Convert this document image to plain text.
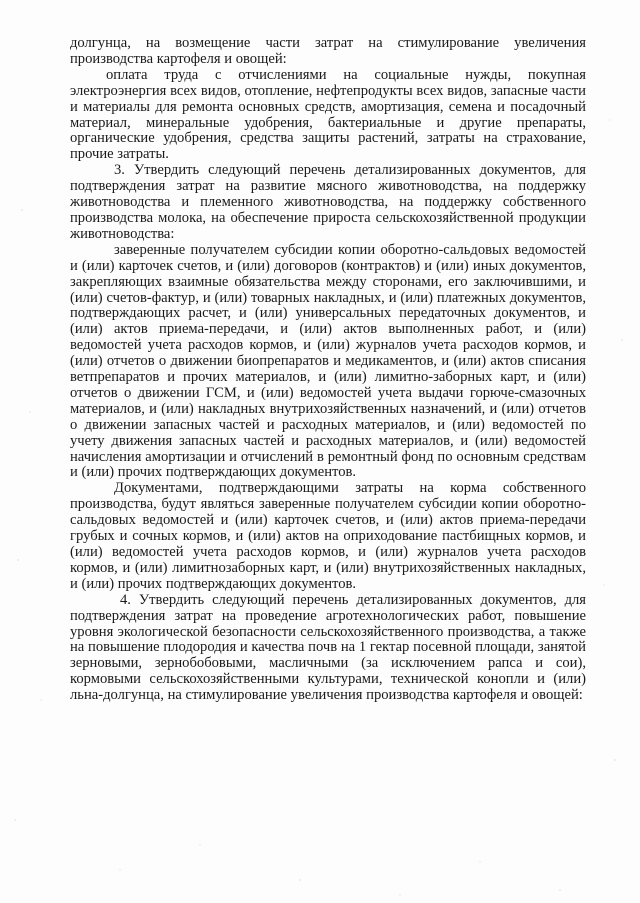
долгунца, на возмещение части затрат на стимулирование увеличения производства картофеля и овощей:

оплата труда с отчислениями на социальные нужды, покупная электроэнергия всех видов, отопление, нефтепродукты всех видов, запасные части и материалы для ремонта основных средств, амортизация, семена и посадочный материал, минеральные удобрения, бактериальные и другие препараты, органические удобрения, средства защиты растений, затраты на страхование, прочие затраты.

3. Утвердить следующий перечень детализированных документов, для подтверждения затрат на развитие мясного животноводства, на поддержку животноводства и племенного животноводства, на поддержку собственного производства молока, на обеспечение прироста сельскохозяйственной продукции животноводства:

заверенные получателем субсидии копии оборотно-сальдовых ведомостей и (или) карточек счетов, и (или) договоров (контрактов) и (или) иных документов, закрепляющих взаимные обязательства между сторонами, его заключившими, и (или) счетов-фактур, и (или) товарных накладных, и (или) платежных документов, подтверждающих расчет, и (или) универсальных передаточных документов, и (или) актов приема-передачи, и (или) актов выполненных работ, и (или) ведомостей учета расходов кормов, и (или) журналов учета расходов кормов, и (или) отчетов о движении биопрепаратов и медикаментов, и (или) актов списания ветпрепаратов и прочих материалов, и (или) лимитно-заборных карт, и (или) отчетов о движении ГСМ, и (или) ведомостей учета выдачи горюче-смазочных материалов, и (или) накладных внутрихозяйственных назначений, и (или) отчетов о движении запасных частей и расходных материалов, и (или) ведомостей по учету движения запасных частей и расходных материалов, и (или) ведомостей начисления амортизации и отчислений в ремонтный фонд по основным средствам и (или) прочих подтверждающих документов.

Документами, подтверждающими затраты на корма собственного производства, будут являться заверенные получателем субсидии копии оборотно-сальдовых ведомостей и (или) карточек счетов, и (или) актов приема-передачи грубых и сочных кормов, и (или) актов на оприходование пастбищных кормов, и (или) ведомостей учета расходов кормов, и (или) журналов учета расходов кормов, и (или) лимитнозаборных карт, и (или) внутрихозяйственных накладных, и (или) прочих подтверждающих документов.

4. Утвердить следующий перечень детализированных документов, для подтверждения затрат на проведение агротехнологических работ, повышение уровня экологической безопасности сельскохозяйственного производства, а также на повышение плодородия и качества почв на 1 гектар посевной площади, занятой зерновыми, зернобобовыми, масличными (за исключением рапса и сои), кормовыми сельскохозяйственными культурами, технической конопли и (или) льна-долгунца, на стимулирование увеличения производства картофеля и овощей:
